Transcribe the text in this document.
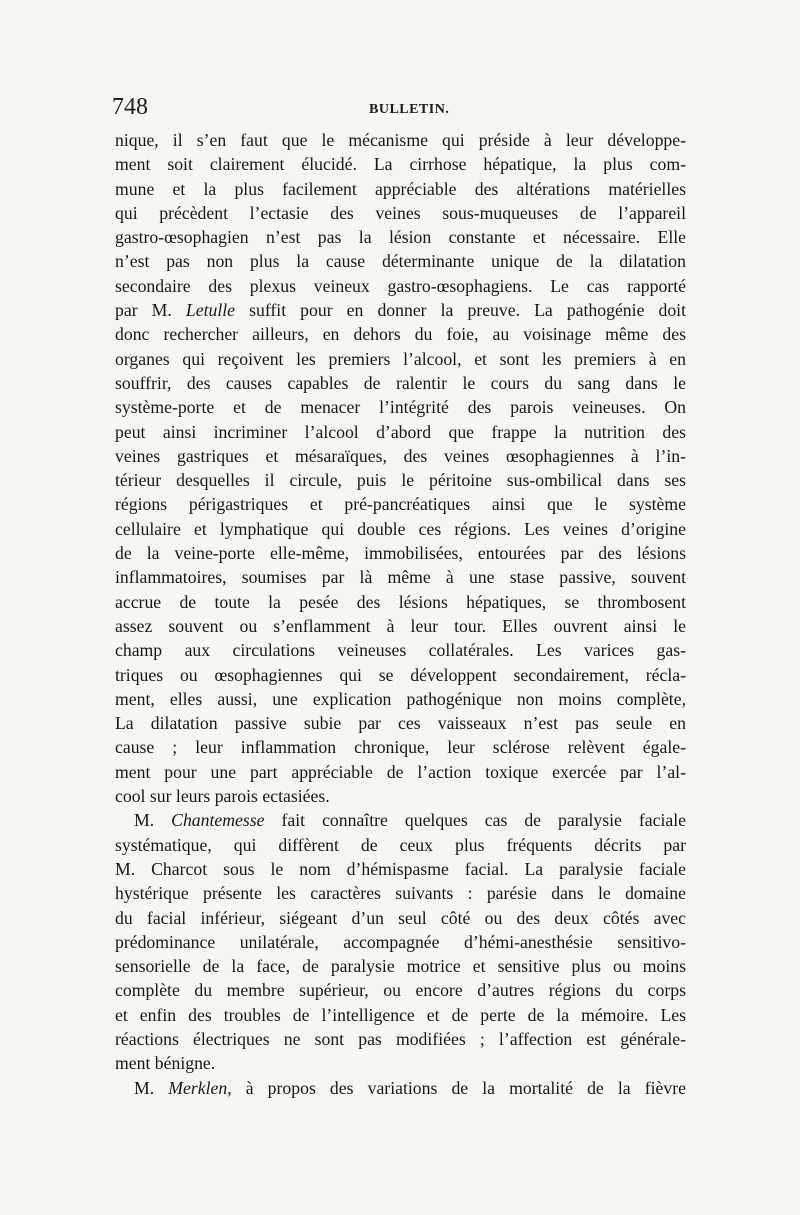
748	BULLETIN.
nique, il s’en faut que le mécanisme qui préside à leur développe-
ment soit clairement élucidé. La cirrhose hépatique, la plus com-
mune et la plus facilement appréciable des altérations matérielles
qui précèdent l’ectasie des veines sous-muqueuses de l’appareil
gastro-œsophagien n’est pas la lésion constante et nécessaire. Elle
n’est pas non plus la cause déterminante unique de la dilatation
secondaire des plexus veineux gastro-œsophagiens. Le cas rapporté
par M. Letulle suffit pour en donner la preuve. La pathogénie doit
donc rechercher ailleurs, en dehors du foie, au voisinage même des
organes qui reçoivent les premiers l’alcool, et sont les premiers à en
souffrir, des causes capables de ralentir le cours du sang dans le
système-porte et de menacer l’intégrité des parois veineuses. On
peut ainsi incriminer l’alcool d’abord que frappe la nutrition des
veines gastriques et mésaraïques, des veines œsophagiennes à l’in-
térieur desquelles il circule, puis le péritoine sus-ombilical dans ses
régions périgastriques et pré-pancréatiques ainsi que le système
cellulaire et lymphatique qui double ces régions. Les veines d’origine
de la veine-porte elle-même, immobilisées, entourées par des lésions
inflammatoires, soumises par là même à une stase passive, souvent
accrue de toute la pesée des lésions hépatiques, se thrombosent
assez souvent ou s’enflamment à leur tour. Elles ouvrent ainsi le
champ aux circulations veineuses collatérales. Les varices gas-
triques ou œsophagiennes qui se développent secondairement, récla-
ment, elles aussi, une explication pathogénique non moins complète,
La dilatation passive subie par ces vaisseaux n’est pas seule en
cause ; leur inflammation chronique, leur sclérose relèvent égale-
ment pour une part appréciable de l’action toxique exercée par l’al-
cool sur leurs parois ectasiées.
M. Chantemesse fait connaître quelques cas de paralysie faciale
systématique, qui diffèrent de ceux plus fréquents décrits par
M. Charcot sous le nom d’hémispasme facial. La paralysie faciale
hystérique présente les caractères suivants : parésie dans le domaine
du facial inférieur, siégeant d’un seul côté ou des deux côtés avec
prédominance unilatérale, accompagnée d’hémi-anesthésie sensitivo-
sensorielle de la face, de paralysie motrice et sensitive plus ou moins
complète du membre supérieur, ou encore d’autres régions du corps
et enfin des troubles de l’intelligence et de perte de la mémoire. Les
réactions électriques ne sont pas modifiées ; l’affection est générale-
ment bénigne.
M. Merklen, à propos des variations de la mortalité de la fièvre
